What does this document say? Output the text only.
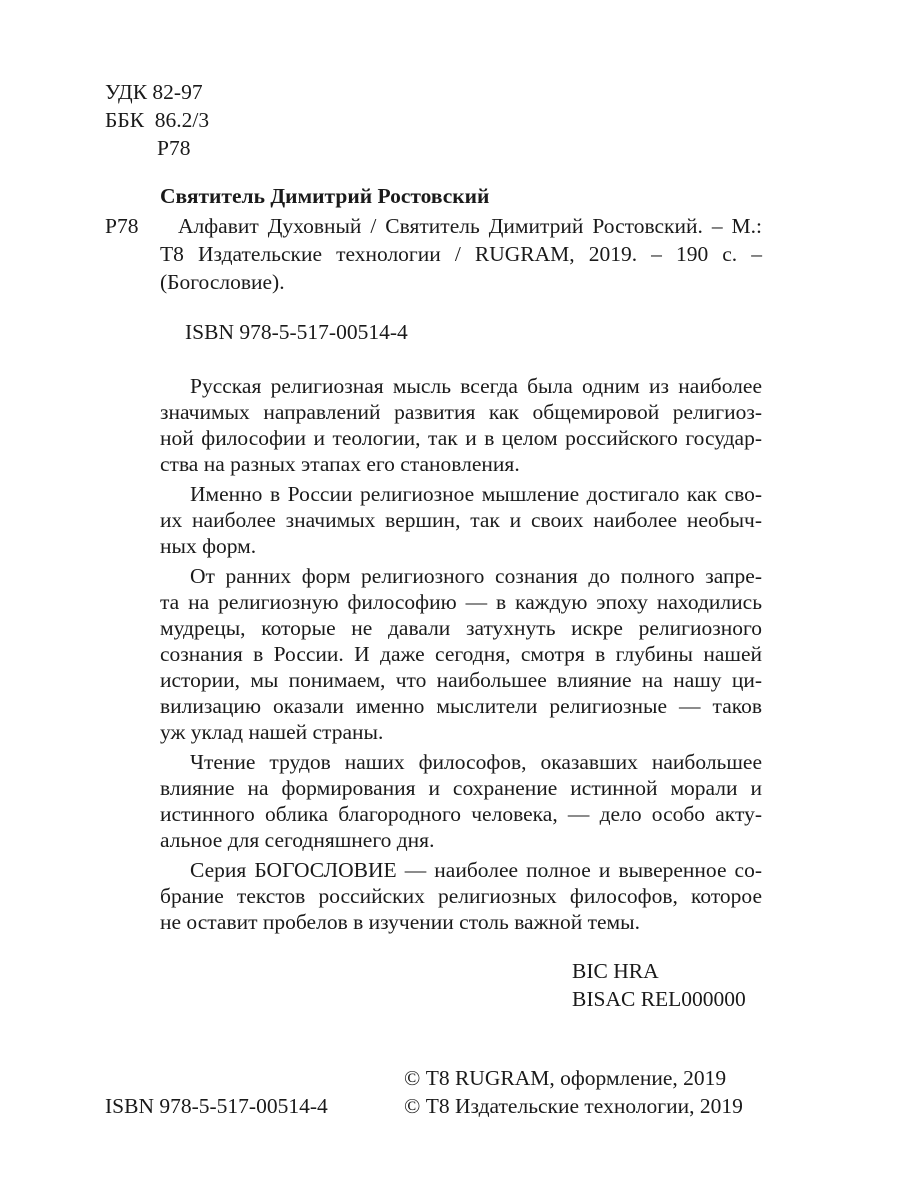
УДК 82-97
ББК  86.2/3
Р78
Святитель Димитрий Ростовский
Р78	Алфавит Духовный / Святитель Димитрий Ростовский. – М.:
Т8 Издательские технологии / RUGRAM, 2019. – 190 с. –
(Богословие).
ISBN 978-5-517-00514-4
Русская религиозная мысль всегда была одним из наиболее
значимых направлений развития как общемировой религиоз-
ной философии и теологии, так и в целом российского государ-
ства на разных этапах его становления.
Именно в России религиозное мышление достигало как сво-
их наиболее значимых вершин, так и своих наиболее необыч-
ных форм.
От ранних форм религиозного сознания до полного запре-
та на религиозную философию — в каждую эпоху находились
мудрецы, которые не давали затухнуть искре религиозного
сознания в России. И даже сегодня, смотря в глубины нашей
истории, мы понимаем, что наибольшее влияние на нашу ци-
вилизацию оказали именно мыслители религиозные — таков
уж уклад нашей страны.
Чтение трудов наших философов, оказавших наибольшее
влияние на формирования и сохранение истинной морали и
истинного облика благородного человека, — дело особо акту-
альное для сегодняшнего дня.
Серия БОГОСЛОВИЕ — наиболее полное и выверенное со-
брание текстов российских религиозных философов, которое
не оставит пробелов в изучении столь важной темы.
BIC HRA
BISAC REL000000
© Т8 RUGRAM, оформление, 2019
© Т8 Издательские технологии, 2019
ISBN 978-5-517-00514-4
